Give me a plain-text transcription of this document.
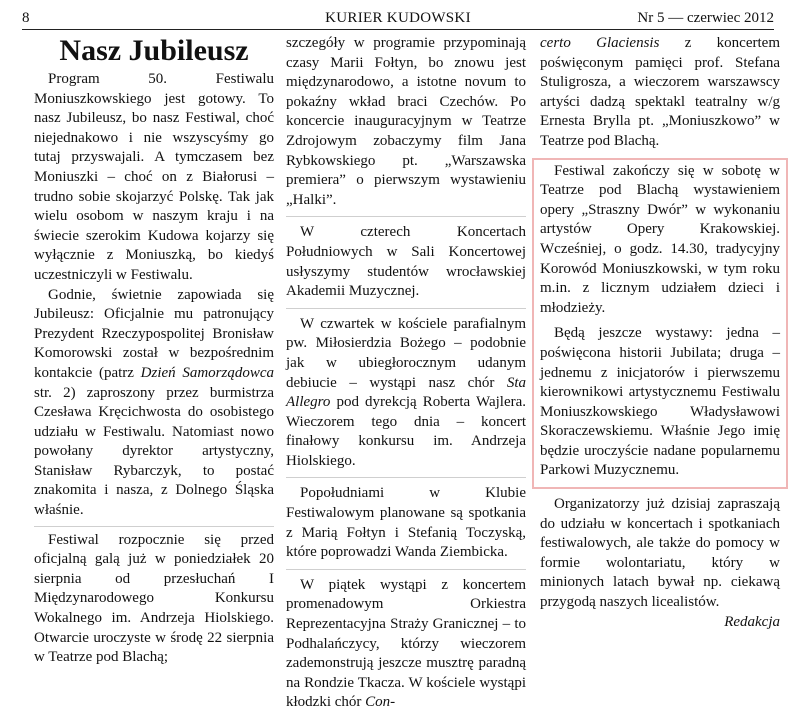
8	KURIER KUDOWSKI	Nr 5 — czerwiec 2012
Nasz Jubileusz

Program 50. Festiwalu Moniuszkowskiego jest gotowy. To nasz Jubileusz, bo nasz Festiwal, choć niejednakowo i nie wszyscyśmy go tutaj przyswajali. A tymczasem bez Moniuszki – choć on z Białorusi – trudno sobie skojarzyć Polskę. Tak jak wielu osobom w naszym kraju i na świecie szerokim Kudowa kojarzy się wyłącznie z Moniuszką, bo kiedyś uczestniczyli w Festiwalu.

Godnie, świetnie zapowiada się Jubileusz: Oficjalnie mu patronujący Prezydent Rzeczypospolitej Bronisław Komorowski został w bezpośrednim kontakcie (patrz Dzień Samorządowca str. 2) zaproszony przez burmistrza Czesława Kręcichwosta do osobistego udziału w Festiwalu. Natomiast nowo powołany dyrektor artystyczny, Stanisław Rybarczyk, to postać znakomita i nasza, z Dolnego Śląska właśnie.

Festiwal rozpocznie się przed oficjalną galą już w poniedziałek 20 sierpnia od przesłuchań I Międzynarodowego Konkursu Wokalnego im. Andrzeja Hiolskiego. Otwarcie uroczyste w środę 22 sierpnia w Teatrze pod Blachą;

szczegóły w programie przypominają czasy Marii Fołtyn, bo znowu jest międzynarodowo, a istotne novum to pokaźny wkład braci Czechów. Po koncercie inauguracyjnym w Teatrze Zdrojowym zobaczymy film Jana Rybkowskiego pt. „Warszawska premiera” o pierwszym wystawieniu „Halki”.

W czterech Koncertach Południowych w Sali Koncertowej usłyszymy studentów wrocławskiej Akademii Muzycznej.

W czwartek w kościele parafialnym pw. Miłosierdzia Bożego – podobnie jak w ubiegłorocznym udanym debiucie – wystąpi nasz chór Sta Allegro pod dyrekcją Roberta Wajlera. Wieczorem tego dnia – koncert finałowy konkursu im. Andrzeja Hiolskiego.

Popołudniami w Klubie Festiwalowym planowane są spotkania z Marią Fołtyn i Stefanią Toczyską, które poprowadzi Wanda Ziembicka.

W piątek wystąpi z koncertem promenadowym Orkiestra Reprezentacyjna Straży Granicznej – to Podhalańczycy, którzy wieczorem zademonstrują jeszcze musztrę paradną na Rondzie Tkacza. W kościele wystąpi kłodzki chór Con-

certo Glaciensis z koncertem poświęconym pamięci prof. Stefana Stuligrosza, a wieczorem warszawscy artyści dadzą spektakl teatralny w/g Ernesta Brylla pt. „Moniuszkowo” w Teatrze pod Blachą.

Festiwal zakończy się w sobotę w Teatrze pod Blachą wystawieniem opery „Straszny Dwór” w wykonaniu artystów Opery Krakowskiej. Wcześniej, o godz. 14.30, tradycyjny Korowód Moniuszkowski, w tym roku m.in. z licznym udziałem dzieci i młodzieży.

Będą jeszcze wystawy: jedna – poświęcona historii Jubilata; druga – jednemu z inicjatorów i pierwszemu kierownikowi artystycznemu Festiwalu Moniuszkowskiego Władysławowi Skoraczewskiemu. Właśnie Jego imię będzie uroczyście nadane popularnemu Parkowi Muzycznemu.

Organizatorzy już dzisiaj zapraszają do udziału w koncertach i spotkaniach festiwalowych, ale także do pomocy w formie wolontariatu, który w minionych latach bywał np. ciekawą przygodą naszych licealistów.
Redakcja
